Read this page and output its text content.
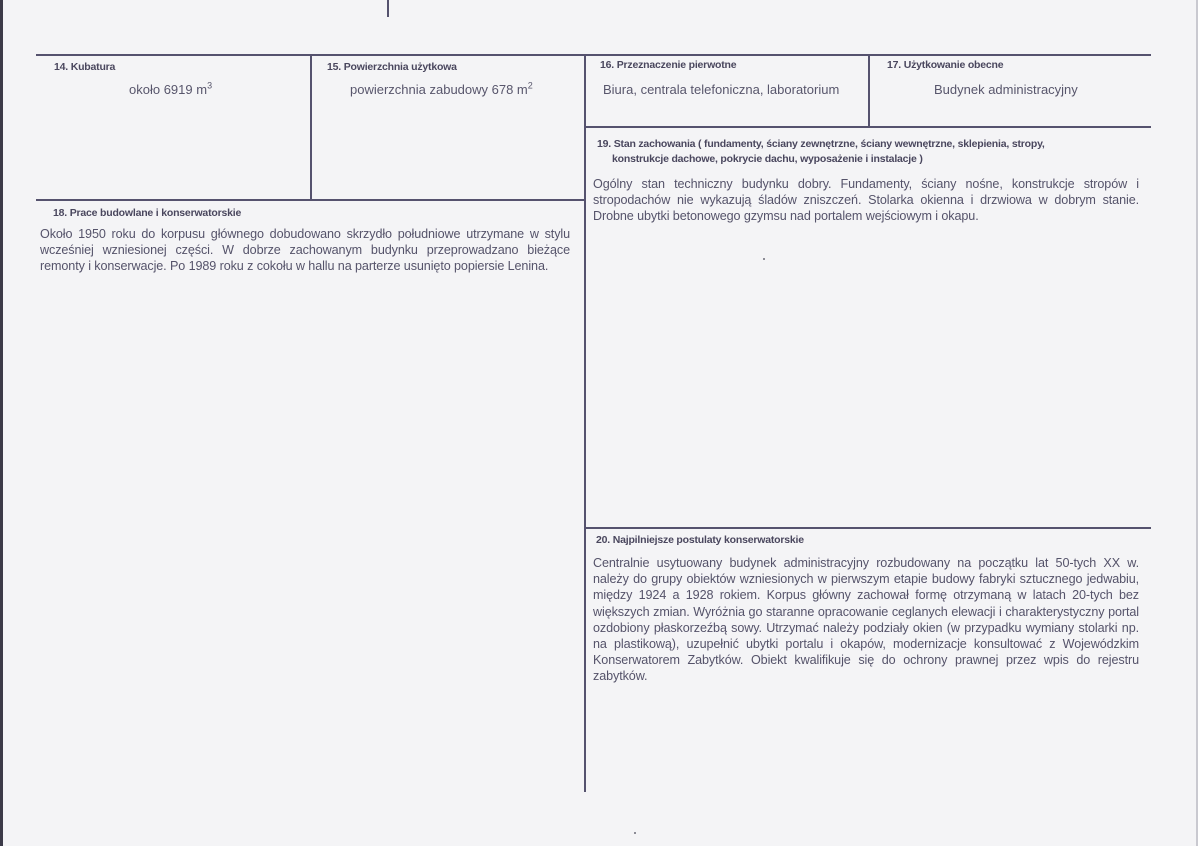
14. Kubatura
około 6919 $m^3$
15. Powierzchnia użytkowa
powierzchnia zabudowy 678 $m^2$
16. Przeznaczenie pierwotne
Biura, centrala telefoniczna, laboratorium
17. Użytkowanie obecne
Budynek administracyjny
18. Prace budowlane i konserwatorskie
Około 1950 roku do korpusu głównego dobudowano skrzydło południowe utrzymane w stylu wcześniej wzniesionej części. W dobrze zachowanym budynku przeprowadzano bieżące remonty i konserwacje. Po 1989 roku z cokołu w hallu na parterze usunięto popiersie Lenina.
19. Stan zachowania ( fundamenty, ściany zewnętrzne, ściany wewnętrzne, sklepienia, stropy,
konstrukcje dachowe, pokrycie dachu, wyposażenie i instalacje )
Ogólny stan techniczny budynku dobry. Fundamenty, ściany nośne, konstrukcje stropów i stropodachów nie wykazują śladów zniszczeń. Stolarka okienna i drzwiowa w dobrym stanie. Drobne ubytki betonowego gzymsu nad portalem wejściowym i okapu.
20. Najpilniejsze postulaty konserwatorskie
Centralnie usytuowany budynek administracyjny rozbudowany na początku lat 50-tych XX w. należy do grupy obiektów wzniesionych w pierwszym etapie budowy fabryki sztucznego jedwabiu, między 1924 a 1928 rokiem. Korpus główny zachował formę otrzymaną w latach 20-tych bez większych zmian. Wyróżnia go staranne opracowanie ceglanych elewacji i charakterystyczny portal ozdobiony płaskorzeźbą sowy. Utrzymać należy podziały okien (w przypadku wymiany stolarki np. na plastikową), uzupełnić ubytki portalu i okapów, modernizacje konsultować z Wojewódzkim Konserwatorem Zabytków. Obiekt kwalifikuje się do ochrony prawnej przez wpis do rejestru zabytków.
